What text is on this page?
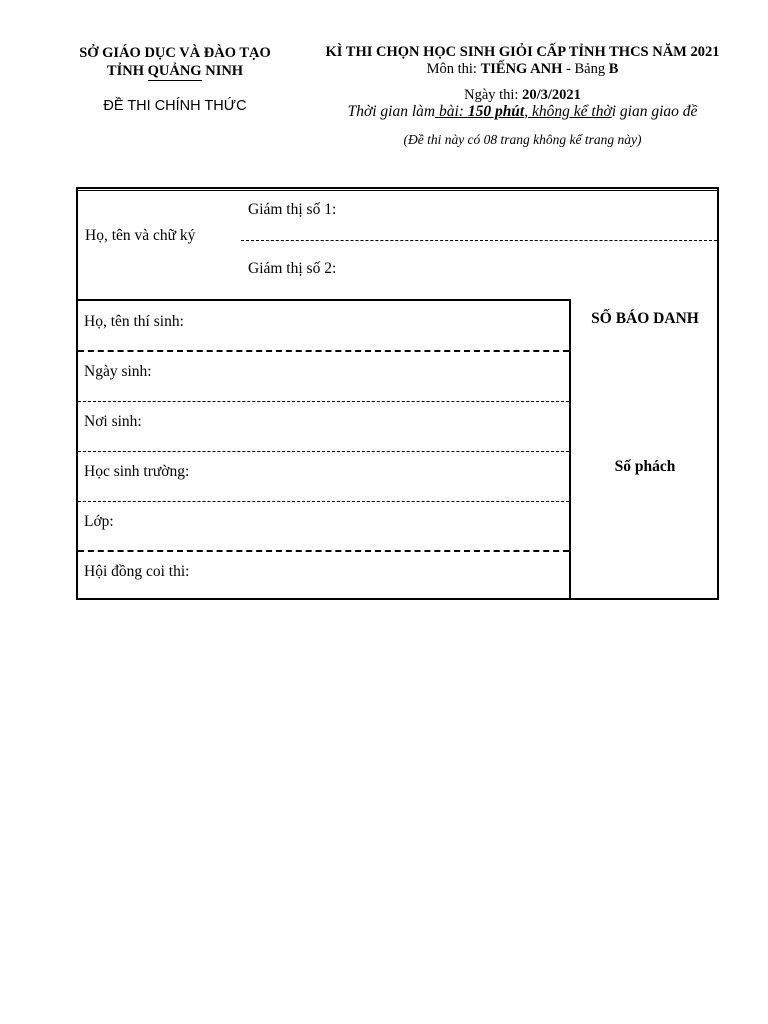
SỞ GIÁO DỤC VÀ ĐÀO TẠO
TỈNH QUẢNG NINH
ĐỀ THI CHÍNH THỨC
KÌ THI CHỌN HỌC SINH GIỎI CẤP TỈNH THCS NĂM 2021
Môn thi: TIẾNG ANH - Bảng B
Ngày thi: 20/3/2021
Thời gian làm bài: 150 phút, không kể thời gian giao đề
(Đề thi này có 08 trang không kể trang này)
Giám thị số 1:
Họ, tên và chữ ký
Giám thị số 2:
Họ, tên thí sinh:
Ngày sinh:
Nơi sinh:
Học sinh trường:
Lớp:
Hội đồng coi thi:
SỐ BÁO DANH
Số phách
